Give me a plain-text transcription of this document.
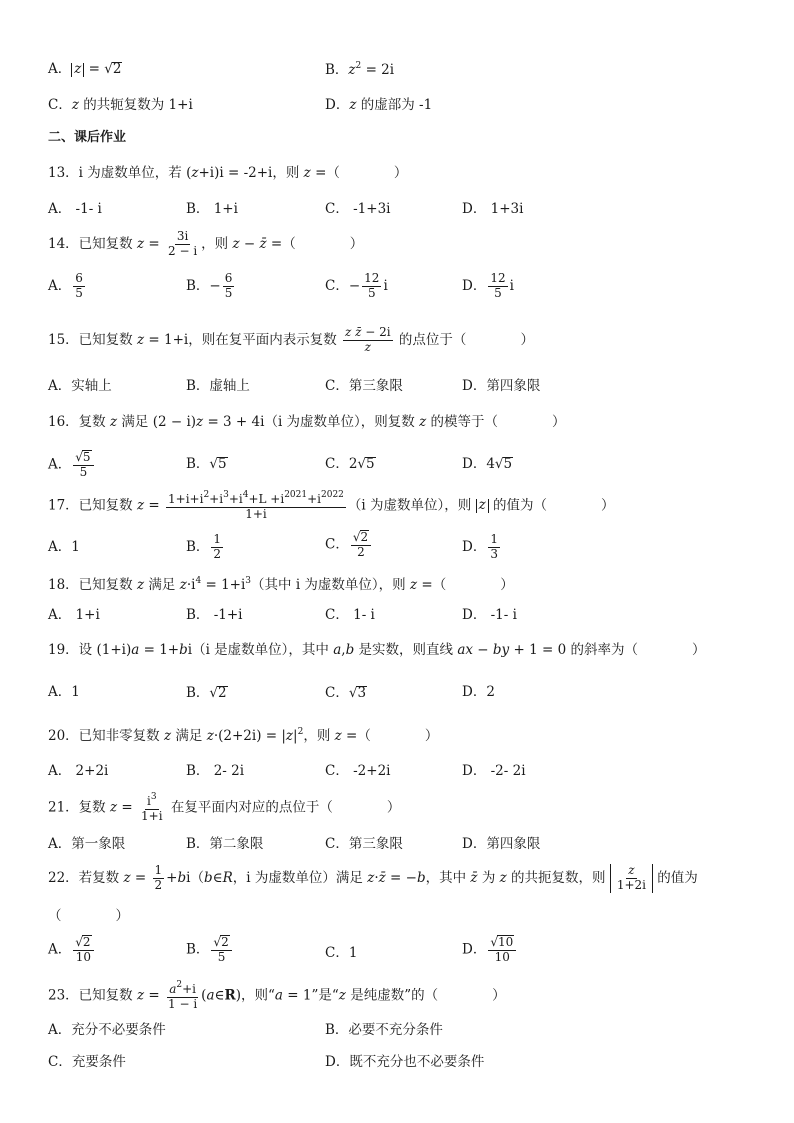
A． z = √ 2	B．$z^2 = 2i$
C．z 的共轭复数为 1+i	D．z 的虚部为 -1
二、课后作业
13．i 为虚数单位，若 (z+i)i = -2+i，则 z =（	）
A． -1- i	B． 1+i	C． -1+3i	D． 1+3i
14．已知复数 $z = \frac{3i}{2 - i}$ ，则 z − z̄ =（	）
A． $\frac{6}{5}$	B．− $\frac{6}{5}$	C．− $\frac{12}{5}$ i	D． $\frac{12}{5}$ i
15．已知复数 z = 1+i，则在复平面内表示复数 $\frac{\text{z z̄ − 2i}}{z}$ 的点位于（	）
A．实轴上	B．虚轴上	C．第三象限	D．第四象限
16．复数 z 满足 (2 − i)z = 3 + 4i（i 为虚数单位），则复数 z 的模等于（	）
A． $\frac{√ 5}{5}$	B．√ 5	C．2√ 5	D．4√ 5
17．已知复数 $z = \frac{1+i+i^2+i^3+i^4+L +i^{2021}+i^{2022}}{1+i} (i$ 为虚数单位），则 z 的值为（	）
A．1	B． $\frac{1}{2}$	C． $\frac{√ 2}{2}$	D． $\frac{1}{3}$
18．已知复数 z 满足 $z\cdot i^4 = 1+i^3$（其中 i 为虚数单位），则 z =（	）
A． 1+i	B． -1+i	C． 1- i	D． -1- i
19．设 (1+i)a = 1+bi（i 是虚数单位），其中 a,b 是实数，则直线 ax − by + 1 = 0 的斜率为（	）
A．1	B．√ 2	C．√ 3	D．2
20．已知非零复数 z 满足 $z\cdot(2+2i) = |z|^2$，则 z =（	）
A． 2+2i	B． 2- 2i	C． -2+2i	D． -2- 2i
21．复数 $z = \frac{i^3}{1+i}$ 在复平面内对应的点位于（	）
A．第一象限	B．第二象限	C．第三象限	D．第四象限
22．若复数 $z = \frac{1}{2}$ +bi（b∈R，i 为虚数单位）满足 z·z̄ = −b，其中 z̄ 为 z 的共扼复数，则 $\frac{z}{1+2i}$ 的值为
（	）
A． $\frac{√ 2}{10}$	B． $\frac{√ 2}{5}$	C．1	D． $\frac{√ 10}{10}$
23．已知复数 $z = \frac{a^2+i}{1 - i}$ (a∈R)，则“a = 1”是“z 是纯虚数”的（	）
A．充分不必要条件	B．必要不充分条件
C．充要条件	D．既不充分也不必要条件
